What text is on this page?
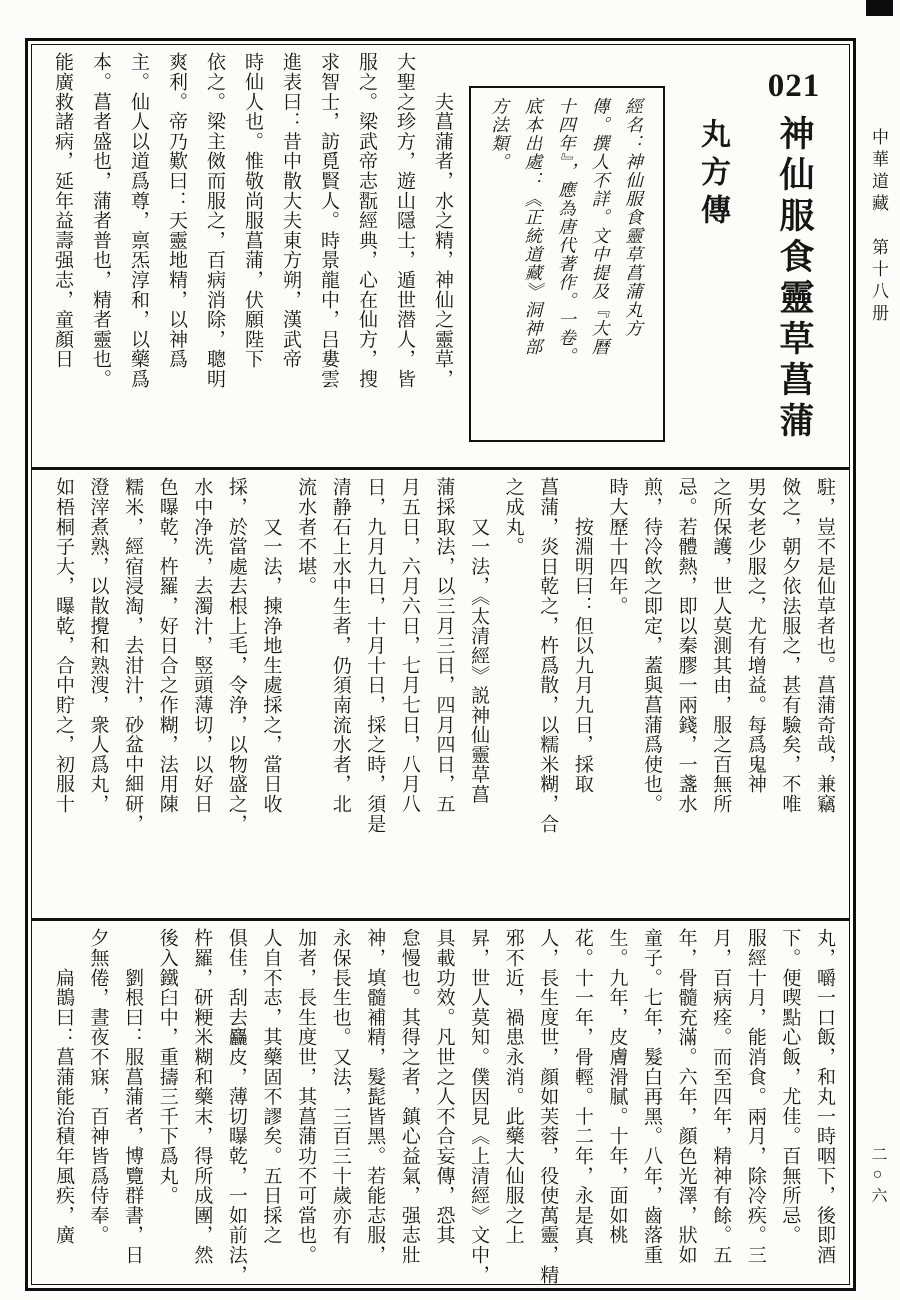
中華道藏　第十八册
二○六
　　夫菖蒲者，水之精，神仙之靈草，
大聖之珍方，遊山隱士，遁世潜人，皆
服之。梁武帝志翫經典，心在仙方，搜
求智士，訪覓賢人。時景龍中，吕婁雲
進表曰：昔中散大夫東方朔，漢武帝
時仙人也。惟敬尚服菖蒲，伏願陛下
依之。梁主傚而服之，百病消除，聰明
爽利。帝乃歎曰：天靈地精，以神爲
主。仙人以道爲尊，禀炁淳和，以藥爲
本。菖者盛也，蒲者普也，精者靈也。
能廣救諸病，延年益壽强志，童顏日	經名：神仙服食靈草菖蒲丸方
傳。撰人不詳。文中提及『大曆
十四年』，應為唐代著作。一卷。
底本出處：《正統道藏》洞神部
方法類。	丸方傳
021
神仙服食靈草菖蒲
駐，豈不是仙草者也。菖蒲奇哉，兼竊
傚之，朝夕依法服之，甚有驗矣，不唯
男女老少服之，尤有增益。每爲鬼神
之所保護，世人莫測其由，服之百無所
忌。若體熱，即以秦膠一兩錢，一盞水
煎，待冷飲之即定，蓋與菖蒲爲使也。
時大歷十四年。
　　按淵明曰：但以九月九日，採取
菖蒲，炎日乾之，杵爲散，以糯米糊，合
之成丸。
　　又一法，《太清經》説神仙靈草菖
蒲採取法，以三月三日，四月四日，五
月五日，六月六日，七月七日，八月八
日，九月九日，十月十日，採之時，須是
清静石上水中生者，仍須南流水者，北
流水者不堪。
　　又一法，揀浄地生處採之，當日收
採，於當處去根上毛，令浄，以物盛之，
水中净洗，去濁汁，竪頭薄切，以好日
色曝乾，杵羅，好日合之作糊，法用陳
糯米，經宿浸淘，去泔汁，砂盆中細研，
澄滓煮熟，以散攪和熟溲，衆人爲丸，
如梧桐子大，曝乾，合中貯之，初服十
丸，嚼一口飯，和丸一時咽下，後即酒
下。便喫點心飯，尤佳。百無所忌。
服經十月，能消食。兩月，除冷疾。三
月，百病痊。而至四年，精神有餘。五
年，骨髓充滿。六年，顔色光澤，狀如
童子。七年，髮白再黑。八年，齒落重
生。九年，皮膚滑膩。十年，面如桃
花。十一年，骨輕。十二年，永是真
人，長生度世，顔如芙蓉，役使萬靈，精
邪不近，禍患永消。此藥大仙服之上
昇，世人莫知。僕因見《上清經》文中，
具載功效。凡世之人不合妄傳，恐其
怠慢也。其得之者，鎮心益氣，强志壯
神，填髓補精，髮髭皆黑。若能志服，
永保長生也。又法，三百三十歲亦有
加者，長生度世，其菖蒲功不可當也。
人自不志，其藥固不謬矣。五日採之
俱佳，刮去麤皮，薄切曝乾，一如前法，
杵羅，研粳米糊和藥末，得所成團，然
後入鐵臼中，重擣三千下爲丸。
　　劉根曰：服菖蒲者，博覽群書，日
夕無倦，晝夜不寐，百神皆爲侍奉。
　　扁鵲曰：菖蒲能治積年風疾，廣
